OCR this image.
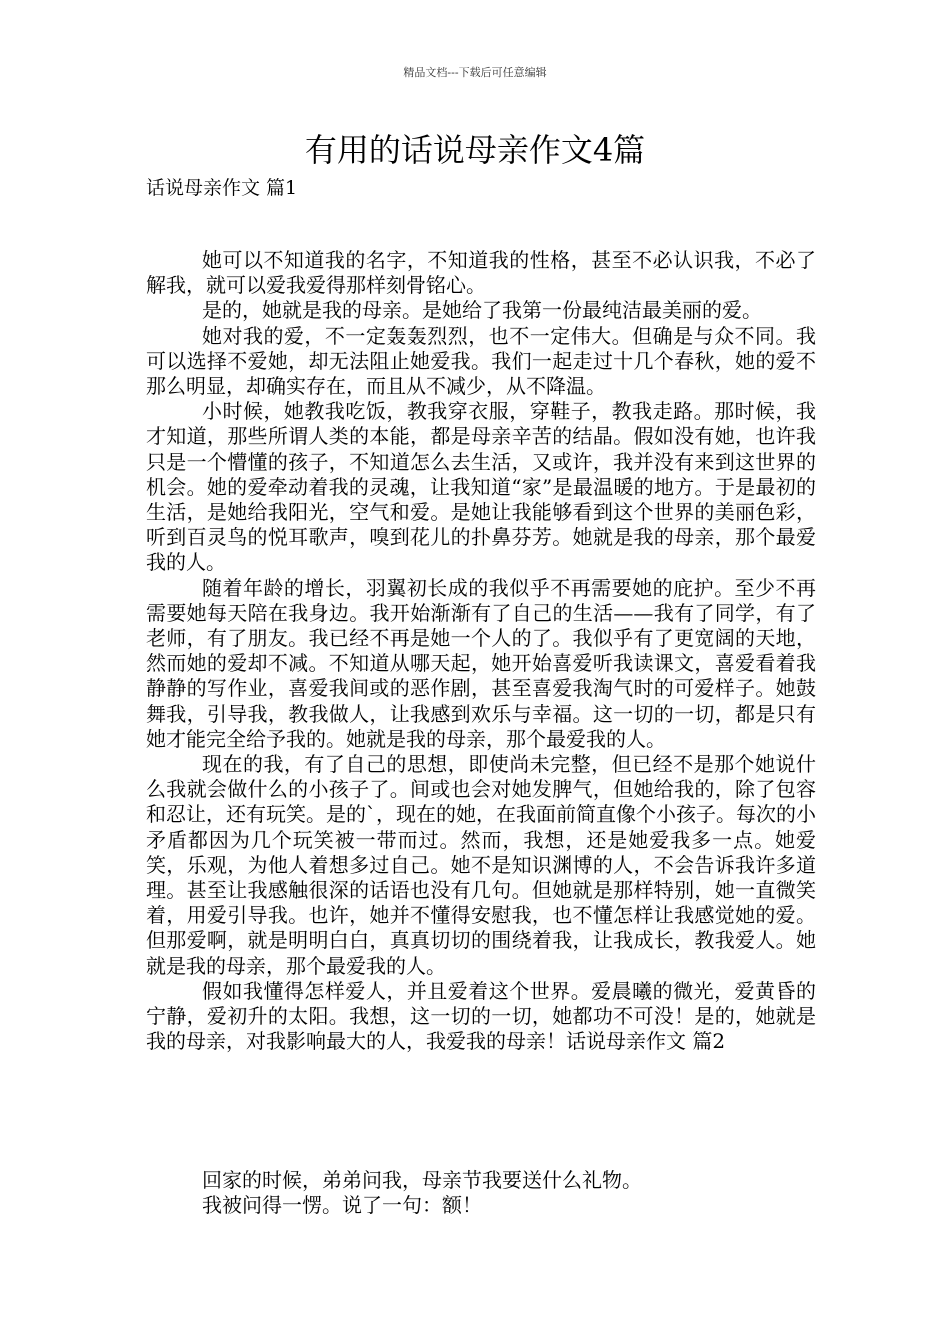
精品文档---下载后可任意编辑
有用的话说母亲作文4篇
话说母亲作文 篇1

她可以不知道我的名字，不知道我的性格，甚至不必认识我，不必了解我，就可以爱我爱得那样刻骨铭心。

是的，她就是我的母亲。是她给了我第一份最纯洁最美丽的爱。

她对我的爱，不一定轰轰烈烈，也不一定伟大。但确是与众不同。我可以选择不爱她，却无法阻止她爱我。我们一起走过十几个春秋，她的爱不那么明显，却确实存在，而且从不减少，从不降温。

小时候，她教我吃饭，教我穿衣服，穿鞋子，教我走路。那时候，我才知道，那些所谓人类的本能，都是母亲辛苦的结晶。假如没有她，也许我只是一个懵懂的孩子，不知道怎么去生活，又或许，我并没有来到这世界的机会。她的爱牵动着我的灵魂，让我知道“家”是最温暖的地方。于是最初的生活，是她给我阳光，空气和爱。是她让我能够看到这个世界的美丽色彩，听到百灵鸟的悦耳歌声，嗅到花儿的扑鼻芬芳。她就是我的母亲，那个最爱我的人。

随着年龄的增长，羽翼初长成的我似乎不再需要她的庇护。至少不再需要她每天陪在我身边。我开始渐渐有了自己的生活——我有了同学，有了老师，有了朋友。我已经不再是她一个人的了。我似乎有了更宽阔的天地，然而她的爱却不减。不知道从哪天起，她开始喜爱听我读课文，喜爱看着我静静的写作业，喜爱我间或的恶作剧，甚至喜爱我淘气时的可爱样子。她鼓舞我，引导我，教我做人，让我感到欢乐与幸福。这一切的一切，都是只有她才能完全给予我的。她就是我的母亲，那个最爱我的人。

现在的我，有了自己的思想，即使尚未完整，但已经不是那个她说什么我就会做什么的小孩子了。间或也会对她发脾气，但她给我的，除了包容和忍让，还有玩笑。是的`，现在的她，在我面前简直像个小孩子。每次的小矛盾都因为几个玩笑被一带而过。然而，我想，还是她爱我多一点。她爱笑，乐观，为他人着想多过自己。她不是知识渊博的人，不会告诉我许多道理。甚至让我感触很深的话语也没有几句。但她就是那样特别，她一直微笑着，用爱引导我。也许，她并不懂得安慰我，也不懂怎样让我感觉她的爱。但那爱啊，就是明明白白，真真切切的围绕着我，让我成长，教我爱人。她就是我的母亲，那个最爱我的人。

假如我懂得怎样爱人，并且爱着这个世界。爱晨曦的微光，爱黄昏的宁静，爱初升的太阳。我想，这一切的一切，她都功不可没！是的，她就是我的母亲，对我影响最大的人，我爱我的母亲！话说母亲作文 篇2

回家的时候，弟弟问我，母亲节我要送什么礼物。

我被问得一愣。说了一句：额！
